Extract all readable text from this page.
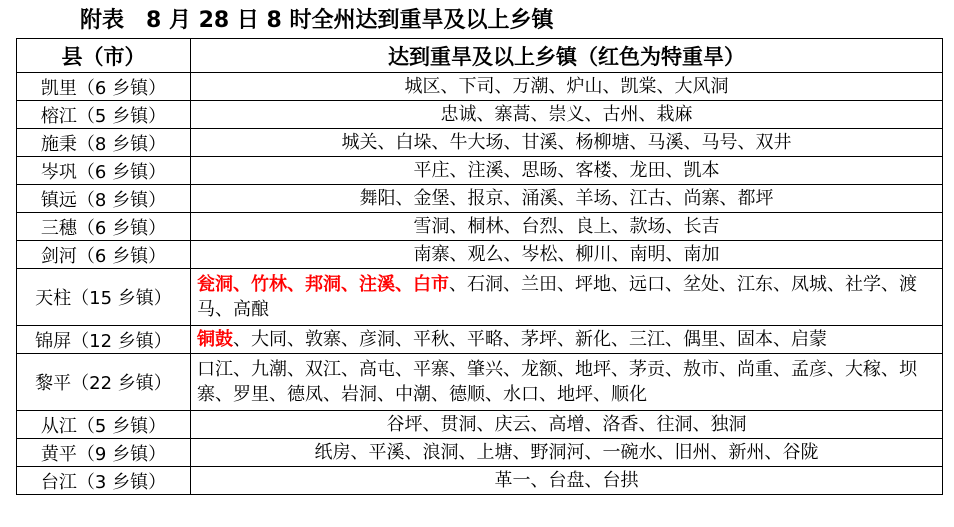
附表　8 月 28 日 8 时全州达到重旱及以上乡镇
县（市）	达到重旱及以上乡镇（红色为特重旱）
凯里（6 乡镇）	城区、下司、万潮、炉山、凯棠、大风洞
榕江（5 乡镇）	忠诚、寨蒿、崇义、古州、栽麻
施秉（8 乡镇）	城关、白垛、牛大场、甘溪、杨柳塘、马溪、马号、双井
岑巩（6 乡镇）	平庄、注溪、思旸、客楼、龙田、凯本
镇远（8 乡镇）	舞阳、金堡、报京、涌溪、羊场、江古、尚寨、都坪
三穗（6 乡镇）	雪洞、桐林、台烈、良上、款场、长吉
剑河（6 乡镇）	南寨、观么、岑松、柳川、南明、南加
天柱（15 乡镇）	瓮洞、竹林、邦洞、注溪、白市、石洞、兰田、坪地、远口、坌处、江东、凤城、社学、渡马、高酿
锦屏（12 乡镇）	铜鼓、大同、敦寨、彦洞、平秋、平略、茅坪、新化、三江、偶里、固本、启蒙
黎平（22 乡镇）	口江、九潮、双江、高屯、平寨、肇兴、龙额、地坪、茅贡、敖市、尚重、孟彦、大稼、坝寨、罗里、德凤、岩洞、中潮、德顺、水口、地坪、顺化
从江（5 乡镇）	谷坪、贯洞、庆云、高增、洛香、往洞、独洞
黄平（9 乡镇）	纸房、平溪、浪洞、上塘、野洞河、一碗水、旧州、新州、谷陇
台江（3 乡镇）	革一、台盘、台拱
